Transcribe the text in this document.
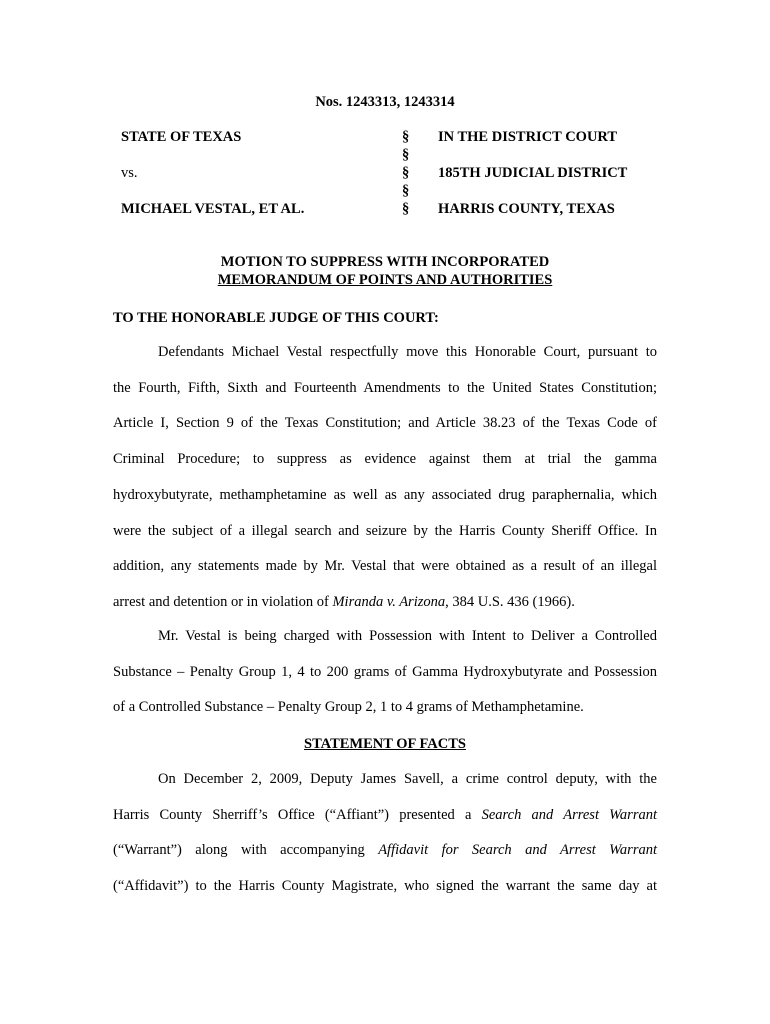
Nos. 1243313, 1243314
STATE OF TEXAS
vs.
MICHAEL VESTAL, ET AL.
§
§
§
§
§
IN THE DISTRICT COURT
185TH JUDICIAL DISTRICT
HARRIS COUNTY, TEXAS
MOTION TO SUPPRESS WITH INCORPORATED
MEMORANDUM OF POINTS AND AUTHORITIES
TO THE HONORABLE JUDGE OF THIS COURT:
Defendants Michael Vestal respectfully move this Honorable Court, pursuant to
the Fourth, Fifth, Sixth and Fourteenth Amendments to the United States Constitution;
Article I, Section 9 of the Texas Constitution; and Article 38.23 of the Texas Code of
Criminal Procedure; to suppress as evidence against them at trial the gamma
hydroxybutyrate, methamphetamine as well as any associated drug paraphernalia, which
were the subject of a illegal search and seizure by the Harris County Sheriff Office. In
addition, any statements made by Mr. Vestal that were obtained as a result of an illegal
arrest and detention or in violation of Miranda v. Arizona, 384 U.S. 436 (1966).
Mr. Vestal is being charged with Possession with Intent to Deliver a Controlled
Substance – Penalty Group 1, 4 to 200 grams of Gamma Hydroxybutyrate and Possession
of a Controlled Substance – Penalty Group 2, 1 to 4 grams of Methamphetamine.
STATEMENT OF FACTS
On December 2, 2009, Deputy James Savell, a crime control deputy, with the
Harris County Sherriff’s Office (“Affiant”) presented a Search and Arrest Warrant
(“Warrant”) along with accompanying Affidavit for Search and Arrest Warrant
(“Affidavit”) to the Harris County Magistrate, who signed the warrant the same day at
